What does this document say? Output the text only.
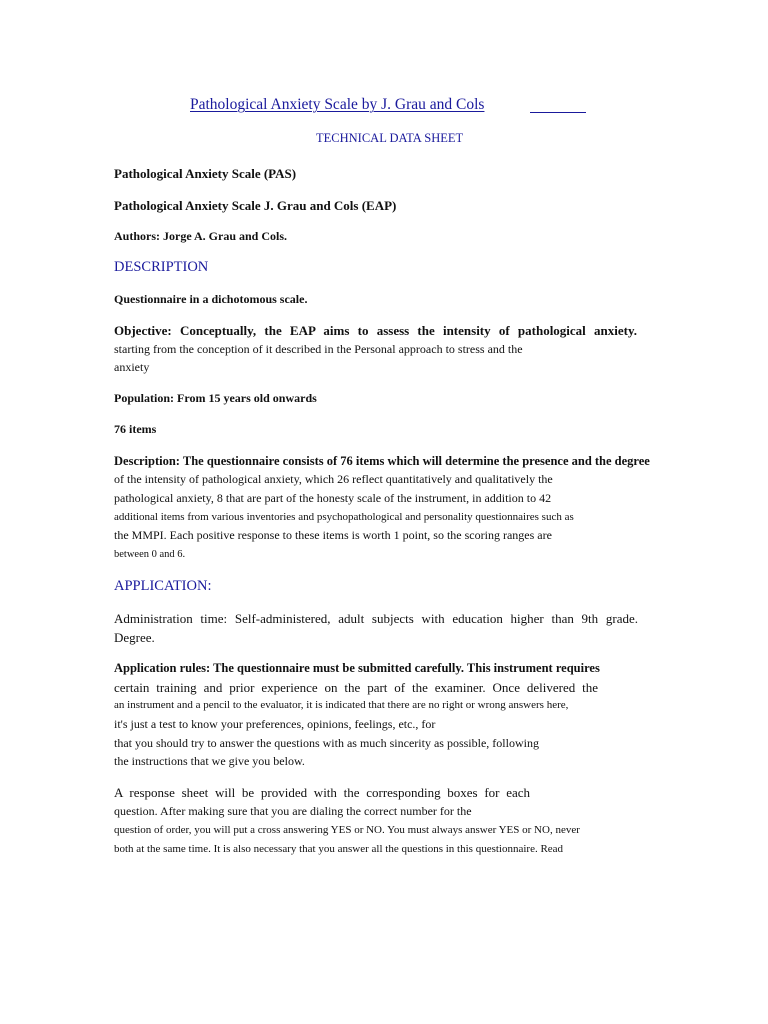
Pathological Anxiety Scale by J. Grau and Cols
TECHNICAL DATA SHEET
Pathological Anxiety Scale (PAS)
Pathological Anxiety Scale J. Grau and Cols (EAP)
Authors: Jorge A. Grau and Cols.
DESCRIPTION
Questionnaire in a dichotomous scale.
Objective: Conceptually, the EAP aims to assess the intensity of pathological anxiety.
starting from the conception of it described in the Personal approach to stress and the
anxiety
Population: From 15 years old onwards
76 items
Description: The questionnaire consists of 76 items which will determine the presence and the degree
of the intensity of pathological anxiety, which 26 reflect quantitatively and qualitatively the
pathological anxiety, 8 that are part of the honesty scale of the instrument, in addition to 42
additional items from various inventories and psychopathological and personality questionnaires such as
the MMPI. Each positive response to these items is worth 1 point, so the scoring ranges are
between 0 and 6.
APPLICATION:
Administration time: Self-administered, adult subjects with education higher than 9th grade.
Degree.
Application rules: The questionnaire must be submitted carefully. This instrument requires
certain training and prior experience on the part of the examiner. Once delivered the
an instrument and a pencil to the evaluator, it is indicated that there are no right or wrong answers here,
it's just a test to know your preferences, opinions, feelings, etc., for
that you should try to answer the questions with as much sincerity as possible, following
the instructions that we give you below.
A response sheet will be provided with the corresponding boxes for each
question. After making sure that you are dialing the correct number for the
question of order, you will put a cross answering YES or NO. You must always answer YES or NO, never
both at the same time. It is also necessary that you answer all the questions in this questionnaire. Read
